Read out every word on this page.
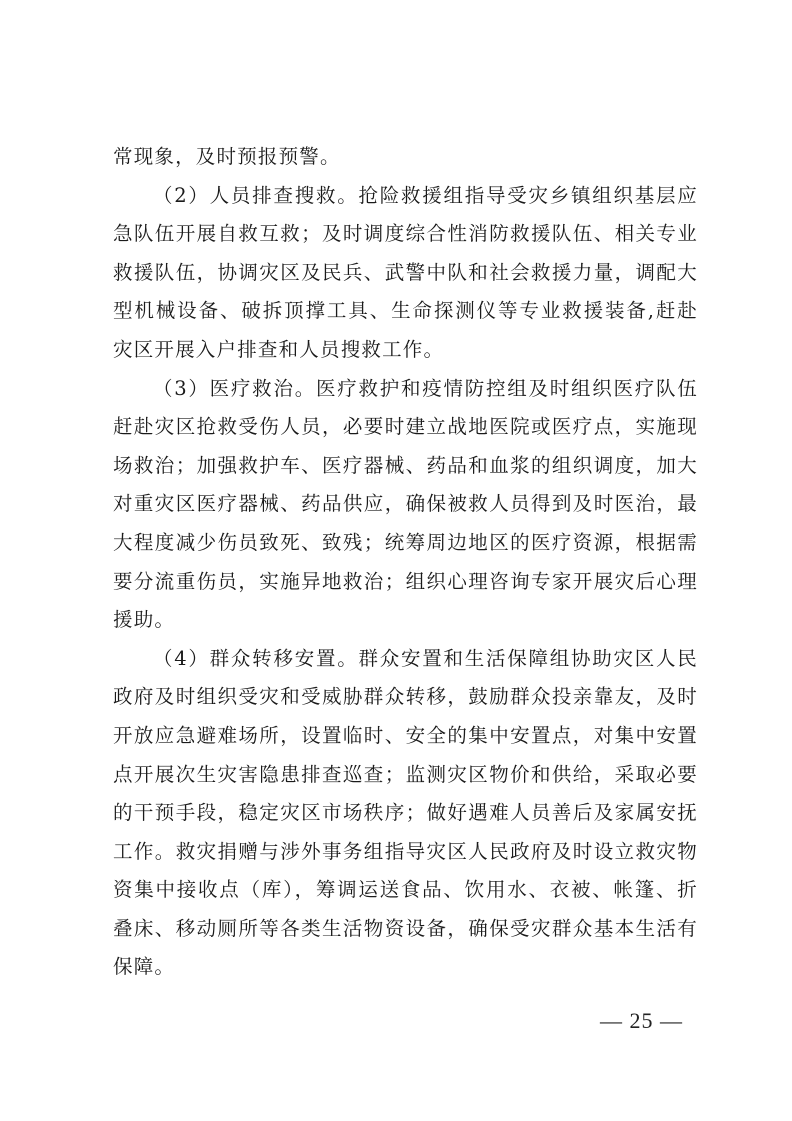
常现象，及时预报预警。
（2）人员排查搜救。抢险救援组指导受灾乡镇组织基层应
急队伍开展自救互救；及时调度综合性消防救援队伍、相关专业
救援队伍，协调灾区及民兵、武警中队和社会救援力量，调配大
型机械设备、破拆顶撑工具、生命探测仪等专业救援装备,赶赴
灾区开展入户排查和人员搜救工作。
（3）医疗救治。医疗救护和疫情防控组及时组织医疗队伍
赶赴灾区抢救受伤人员，必要时建立战地医院或医疗点，实施现
场救治；加强救护车、医疗器械、药品和血浆的组织调度，加大
对重灾区医疗器械、药品供应，确保被救人员得到及时医治，最
大程度减少伤员致死、致残；统筹周边地区的医疗资源，根据需
要分流重伤员，实施异地救治；组织心理咨询专家开展灾后心理
援助。
（4）群众转移安置。群众安置和生活保障组协助灾区人民
政府及时组织受灾和受威胁群众转移，鼓励群众投亲靠友，及时
开放应急避难场所，设置临时、安全的集中安置点，对集中安置
点开展次生灾害隐患排查巡查；监测灾区物价和供给，采取必要
的干预手段，稳定灾区市场秩序；做好遇难人员善后及家属安抚
工作。救灾捐赠与涉外事务组指导灾区人民政府及时设立救灾物
资集中接收点（库），筹调运送食品、饮用水、衣被、帐篷、折
叠床、移动厕所等各类生活物资设备，确保受灾群众基本生活有
保障。
— 25 —
